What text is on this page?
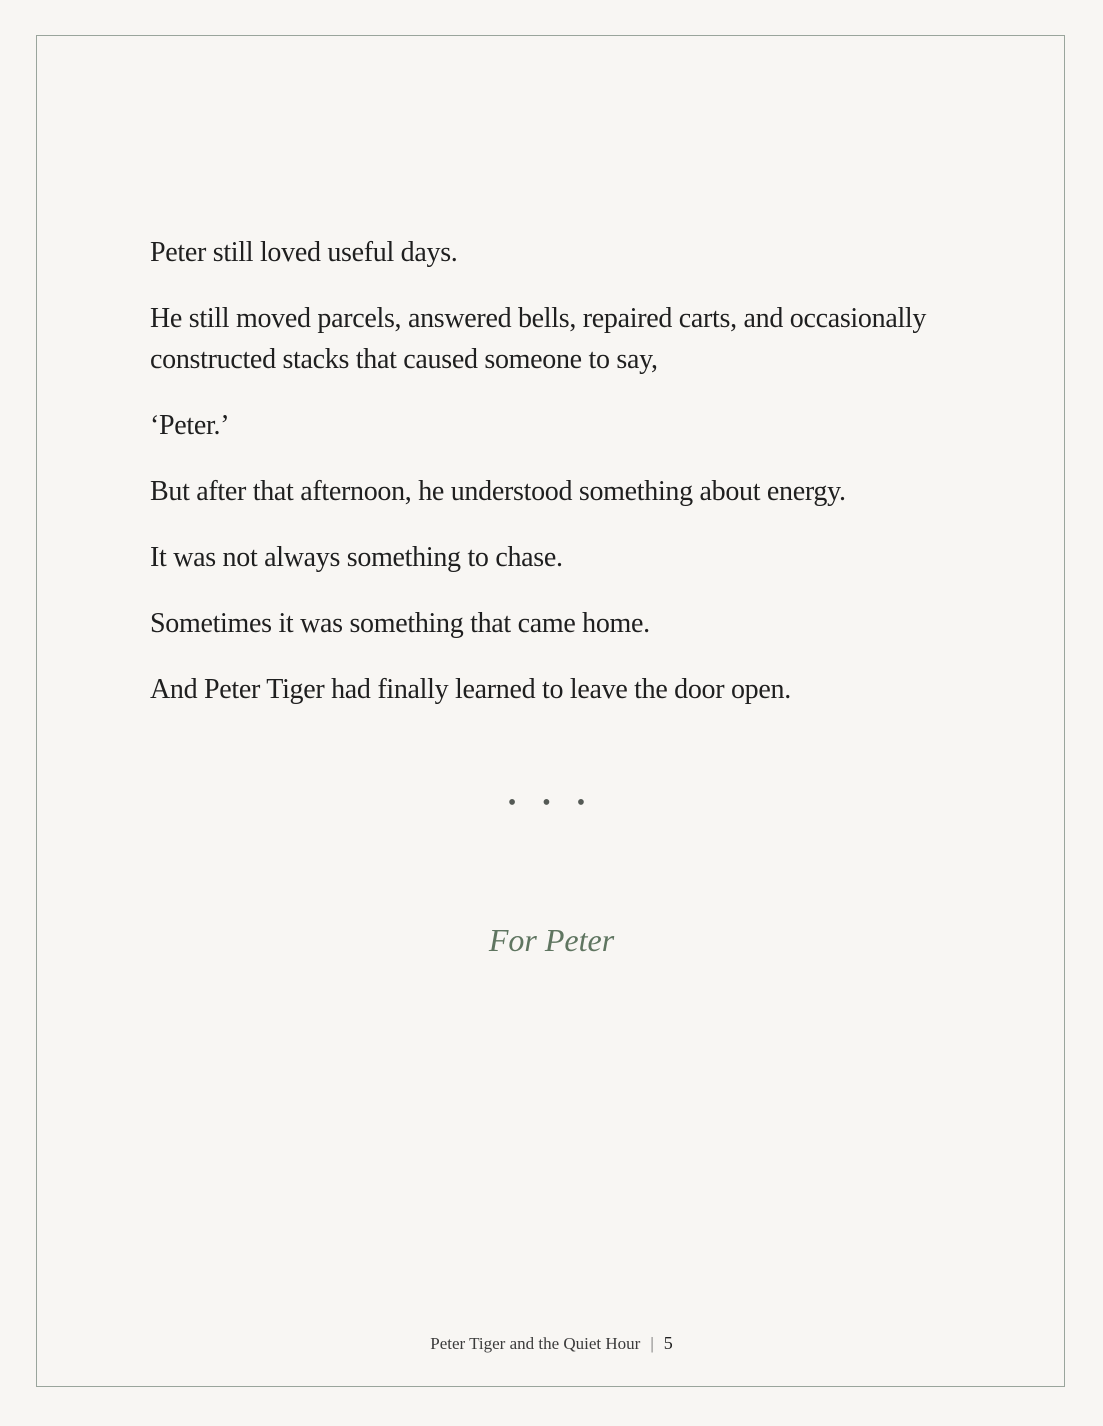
Peter still loved useful days.

He still moved parcels, answered bells, repaired carts, and occasionally constructed stacks that caused someone to say,

‘Peter.’

But after that afternoon, he understood something about energy.

It was not always something to chase.

Sometimes it was something that came home.

And Peter Tiger had finally learned to leave the door open.

• • •
For Peter
Peter Tiger and the Quiet Hour | 5
